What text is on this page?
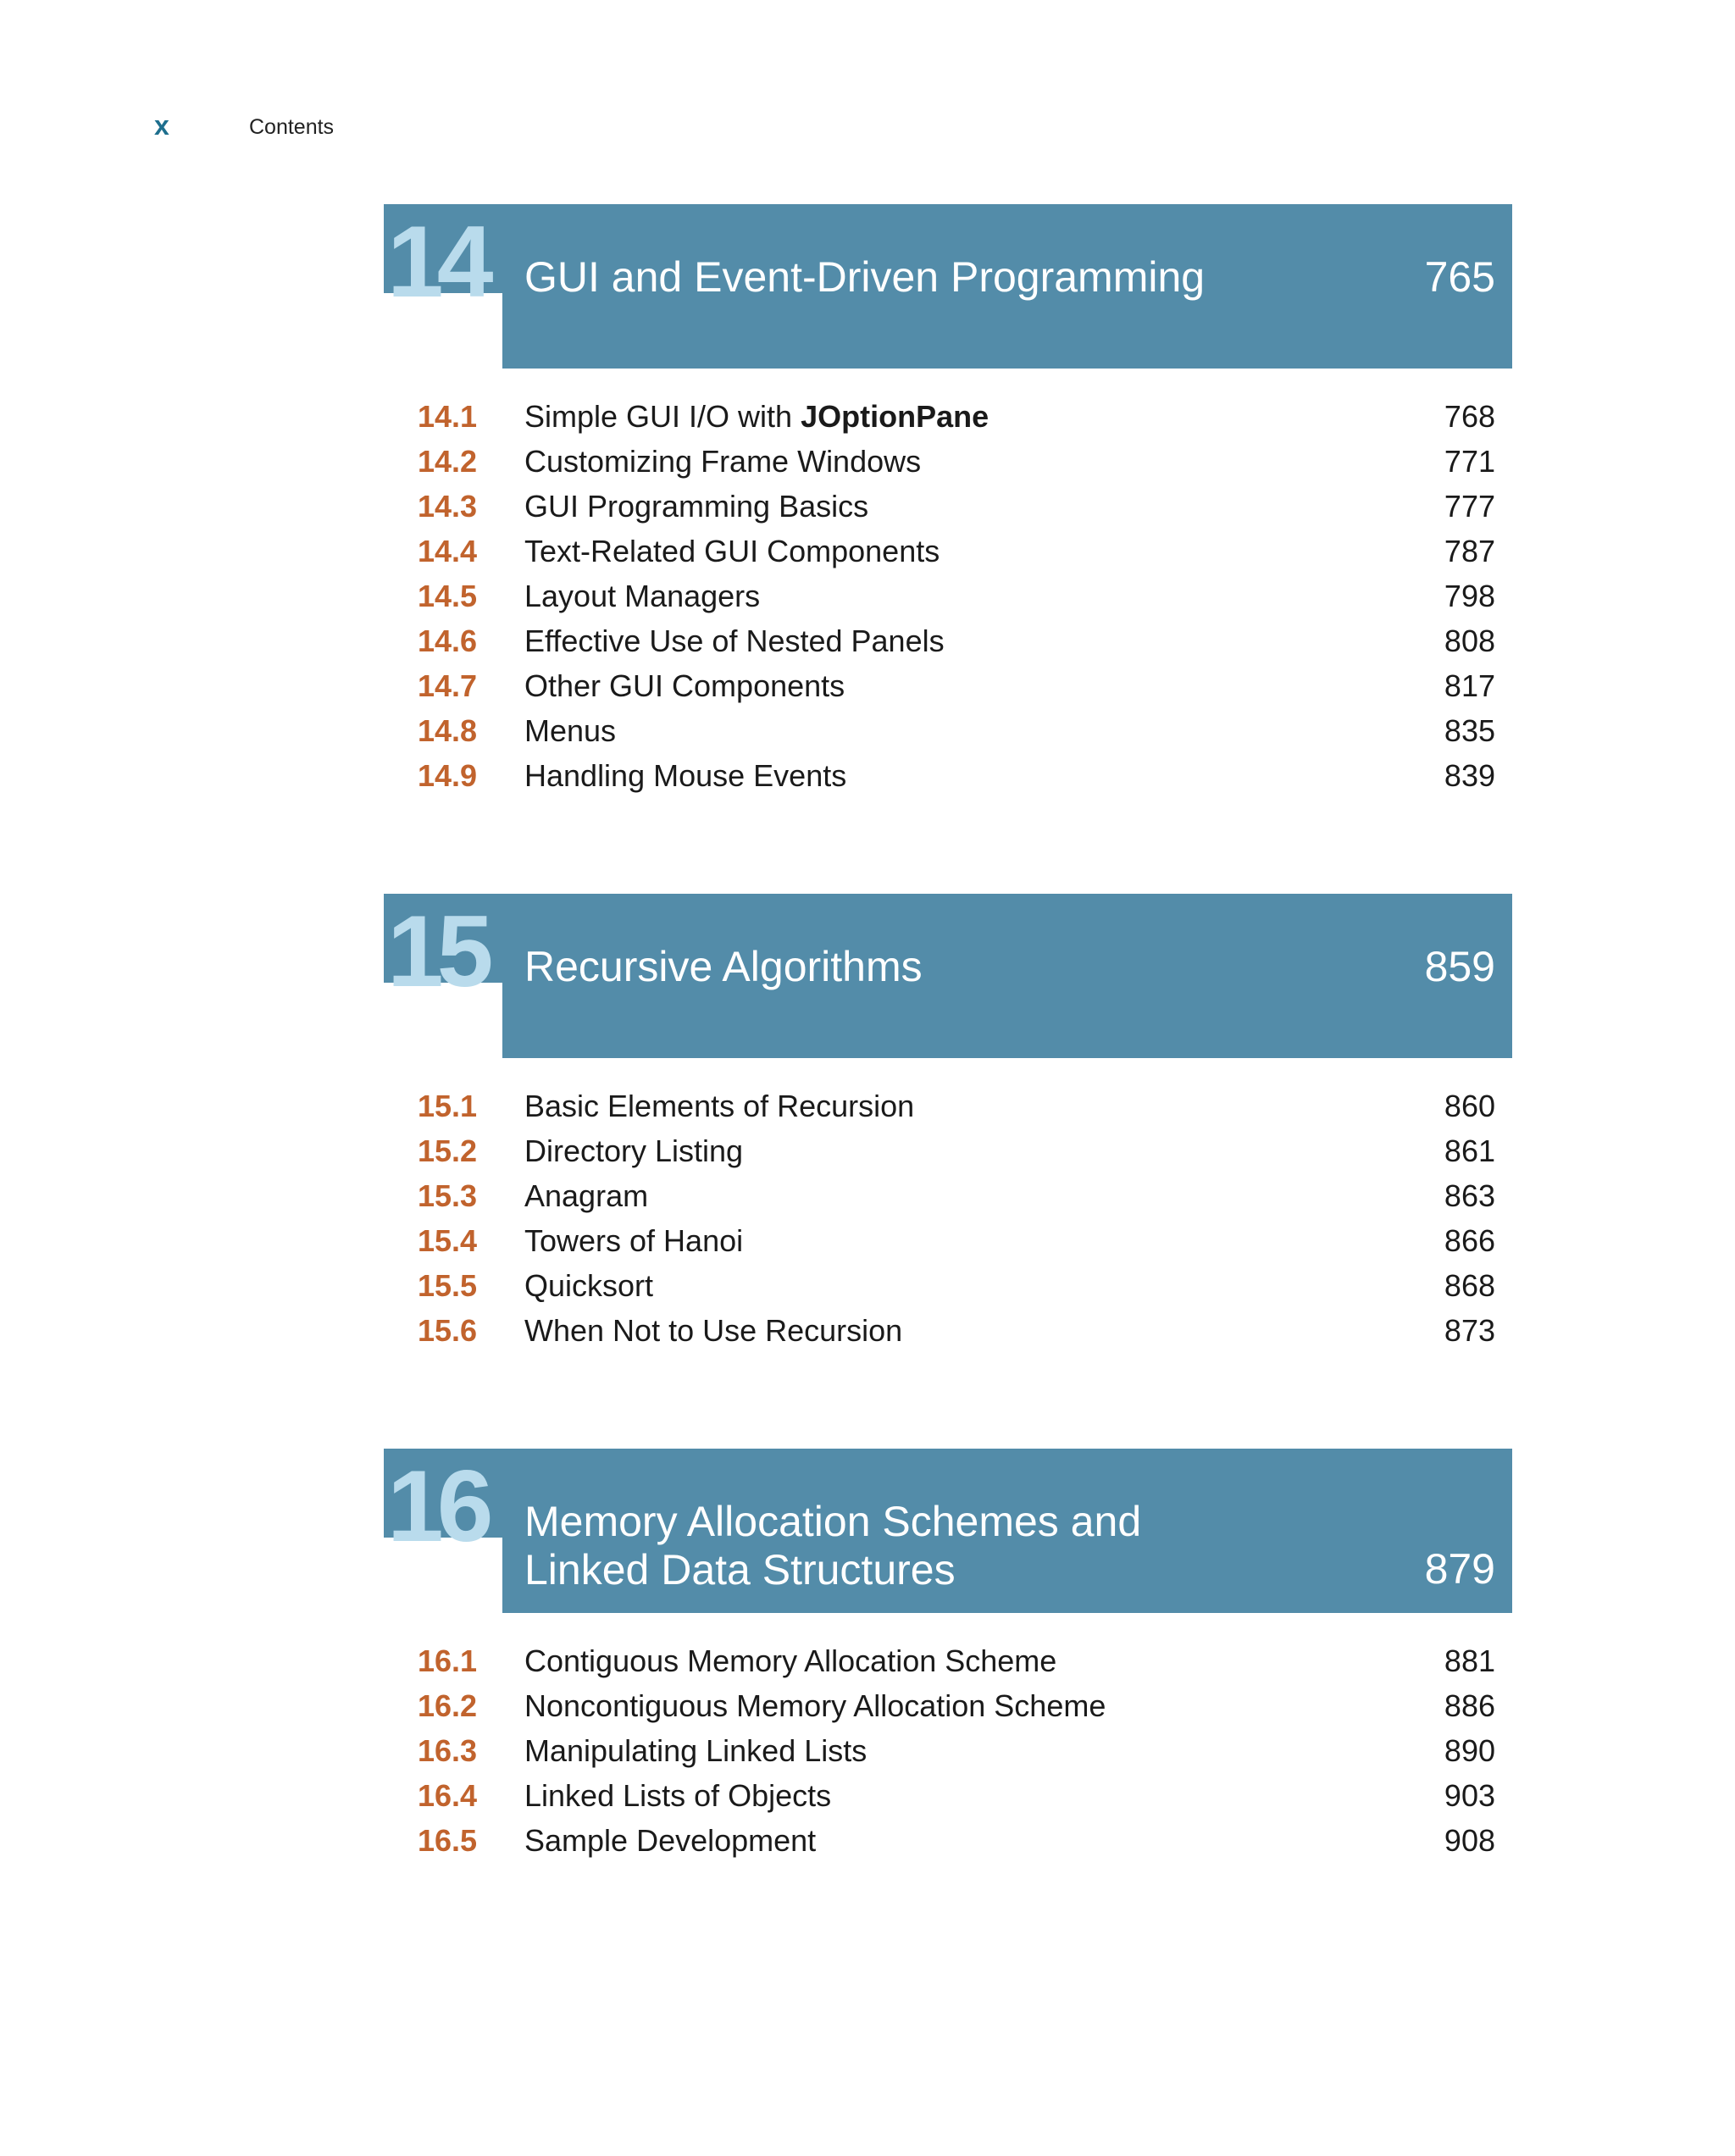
x	Contents
14 GUI and Event-Driven Programming	765
14.1 Simple GUI I/O with JOptionPane	768
14.2 Customizing Frame Windows	771
14.3 GUI Programming Basics	777
14.4 Text-Related GUI Components	787
14.5 Layout Managers	798
14.6 Effective Use of Nested Panels	808
14.7 Other GUI Components	817
14.8 Menus	835
14.9 Handling Mouse Events	839
15 Recursive Algorithms	859
15.1 Basic Elements of Recursion	860
15.2 Directory Listing	861
15.3 Anagram	863
15.4 Towers of Hanoi	866
15.5 Quicksort	868
15.6 When Not to Use Recursion	873
16 Memory Allocation Schemes and
Linked Data Structures	879
16.1 Contiguous Memory Allocation Scheme	881
16.2 Noncontiguous Memory Allocation Scheme	886
16.3 Manipulating Linked Lists	890
16.4 Linked Lists of Objects	903
16.5 Sample Development	908
